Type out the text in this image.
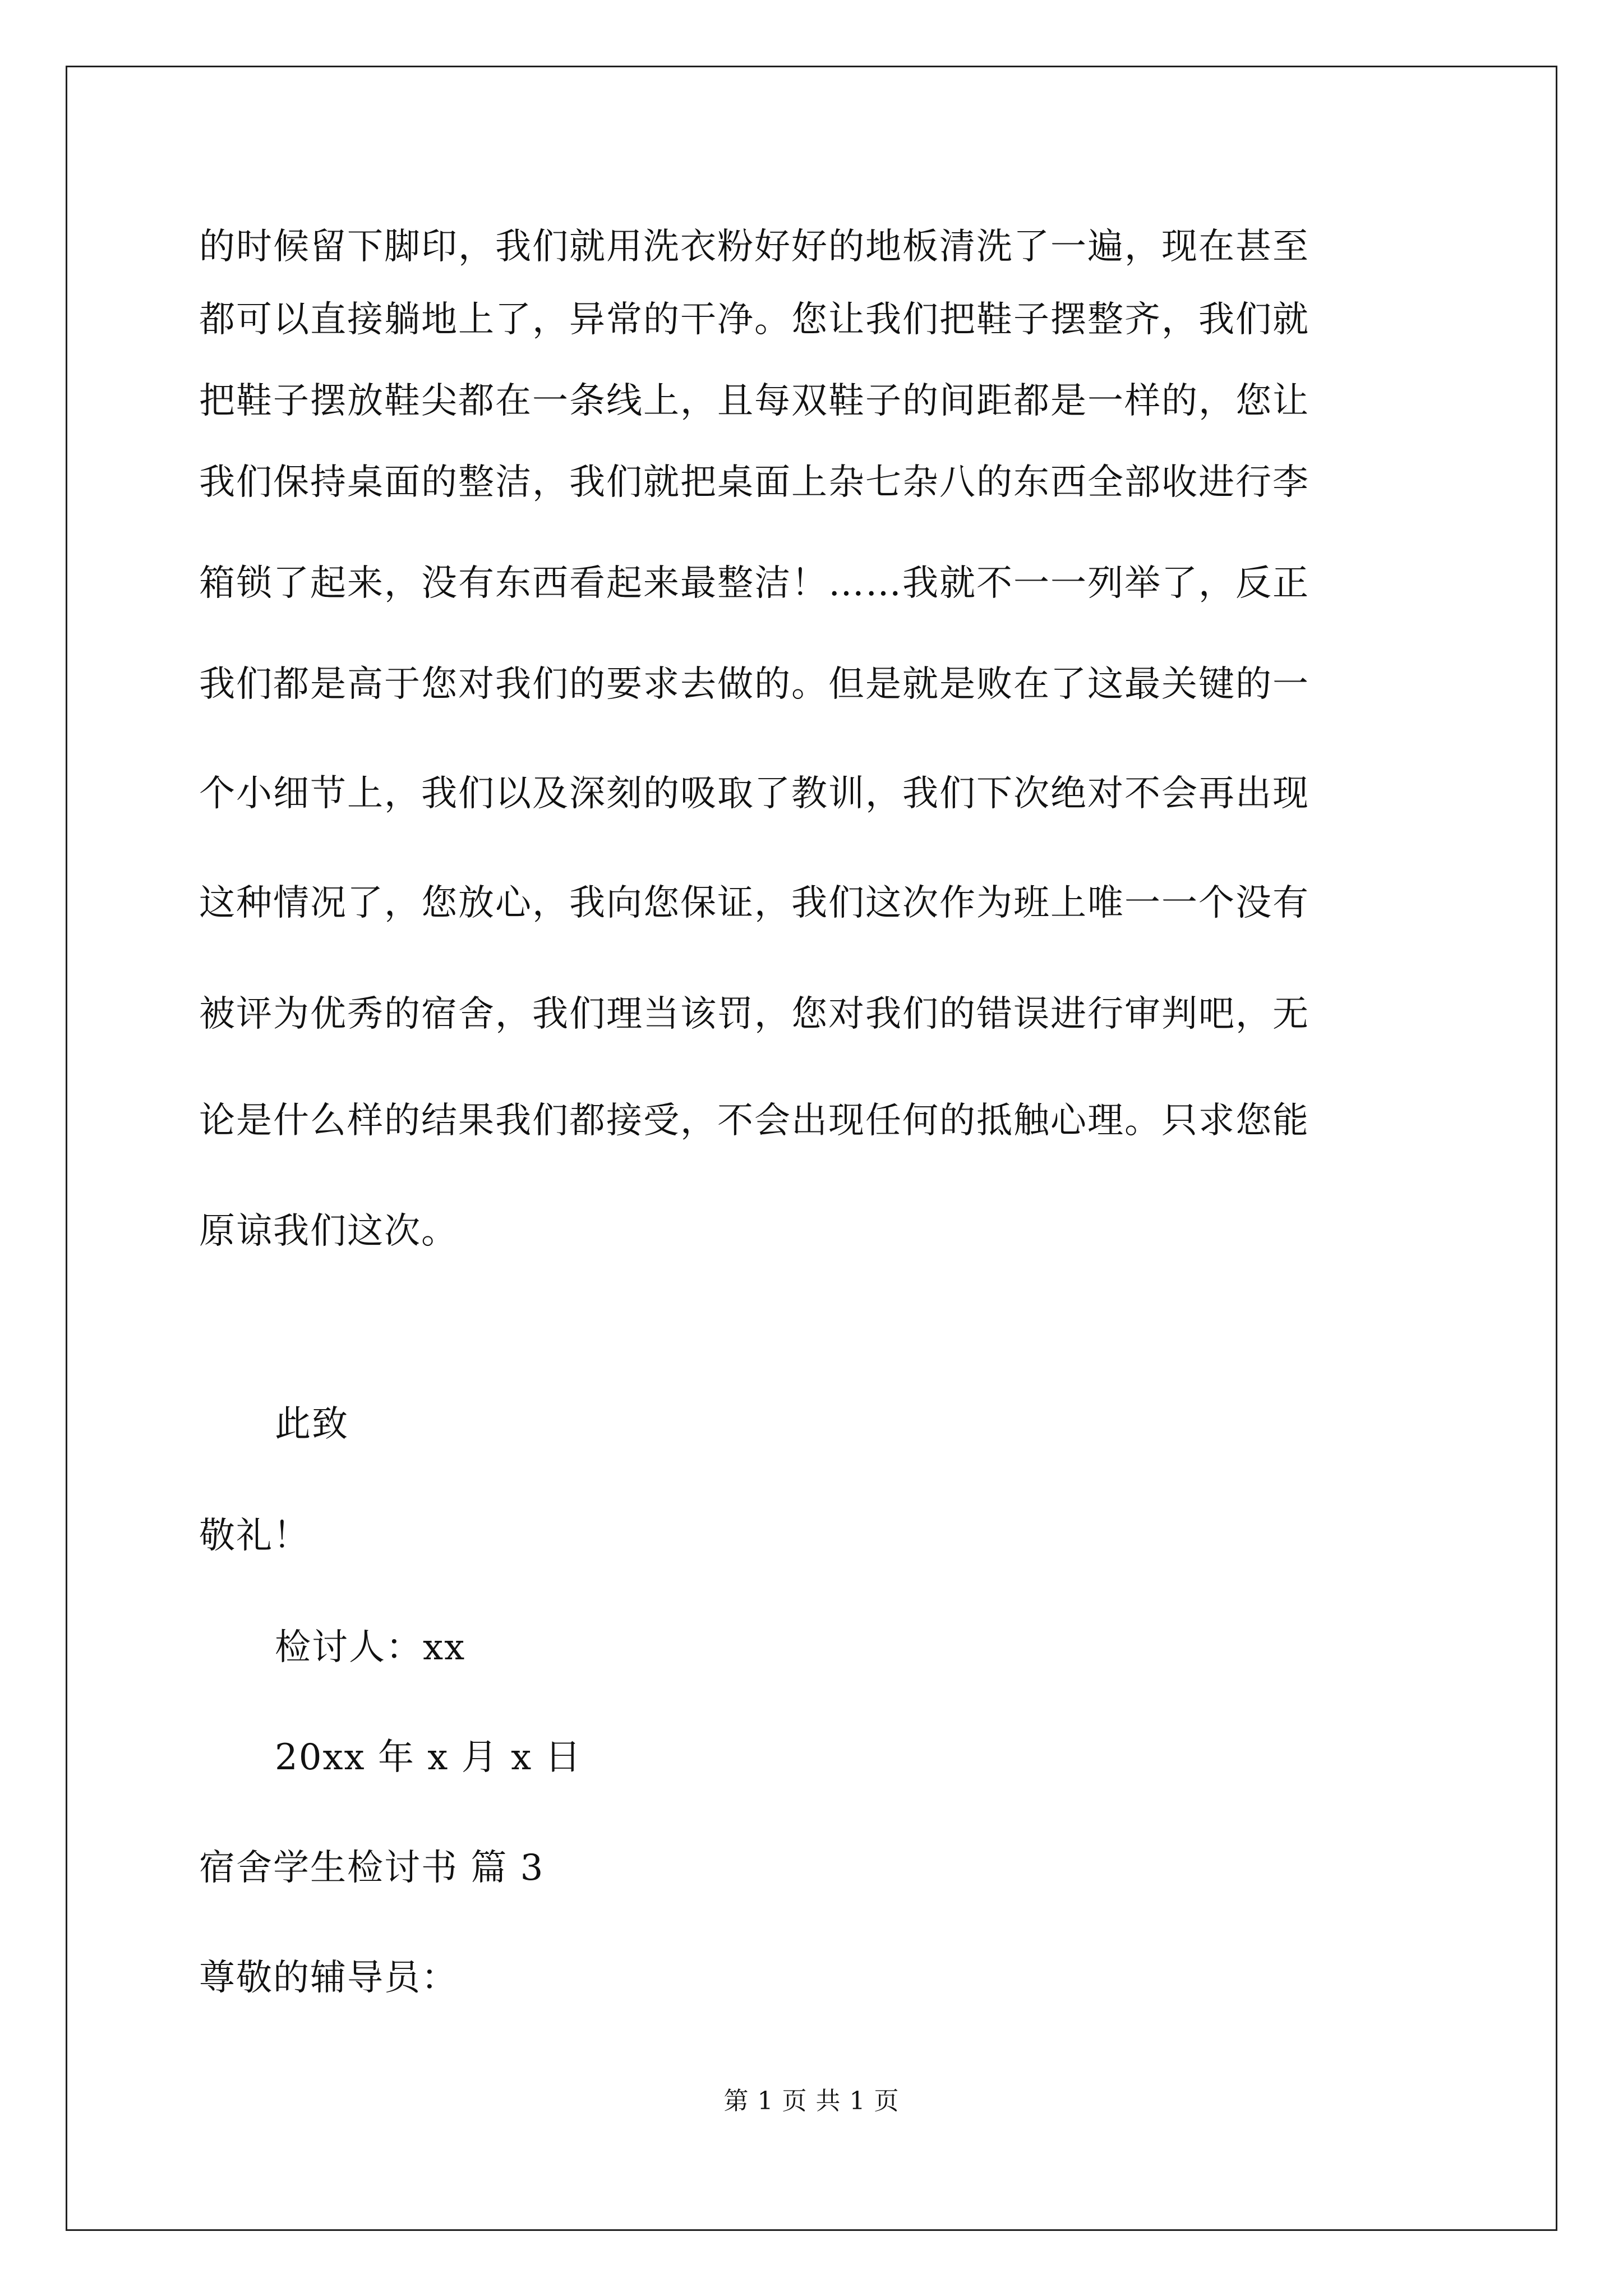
的时候留下脚印，我们就用洗衣粉好好的地板清洗了一遍，现在甚至
都可以直接躺地上了，异常的干净。您让我们把鞋子摆整齐，我们就
把鞋子摆放鞋尖都在一条线上，且每双鞋子的间距都是一样的，您让
我们保持桌面的整洁，我们就把桌面上杂七杂八的东西全部收进行李
箱锁了起来，没有东西看起来最整洁！……我就不一一列举了，反正
我们都是高于您对我们的要求去做的。但是就是败在了这最关键的一
个小细节上，我们以及深刻的吸取了教训，我们下次绝对不会再出现
这种情况了，您放心，我向您保证，我们这次作为班上唯一一个没有
被评为优秀的宿舍，我们理当该罚，您对我们的错误进行审判吧，无
论是什么样的结果我们都接受，不会出现任何的抵触心理。只求您能
原谅我们这次。
此致
敬礼！
检讨人：xx
20xx 年 x 月 x 日
宿舍学生检讨书 篇 3
尊敬的辅导员：
第 1 页 共 1 页
